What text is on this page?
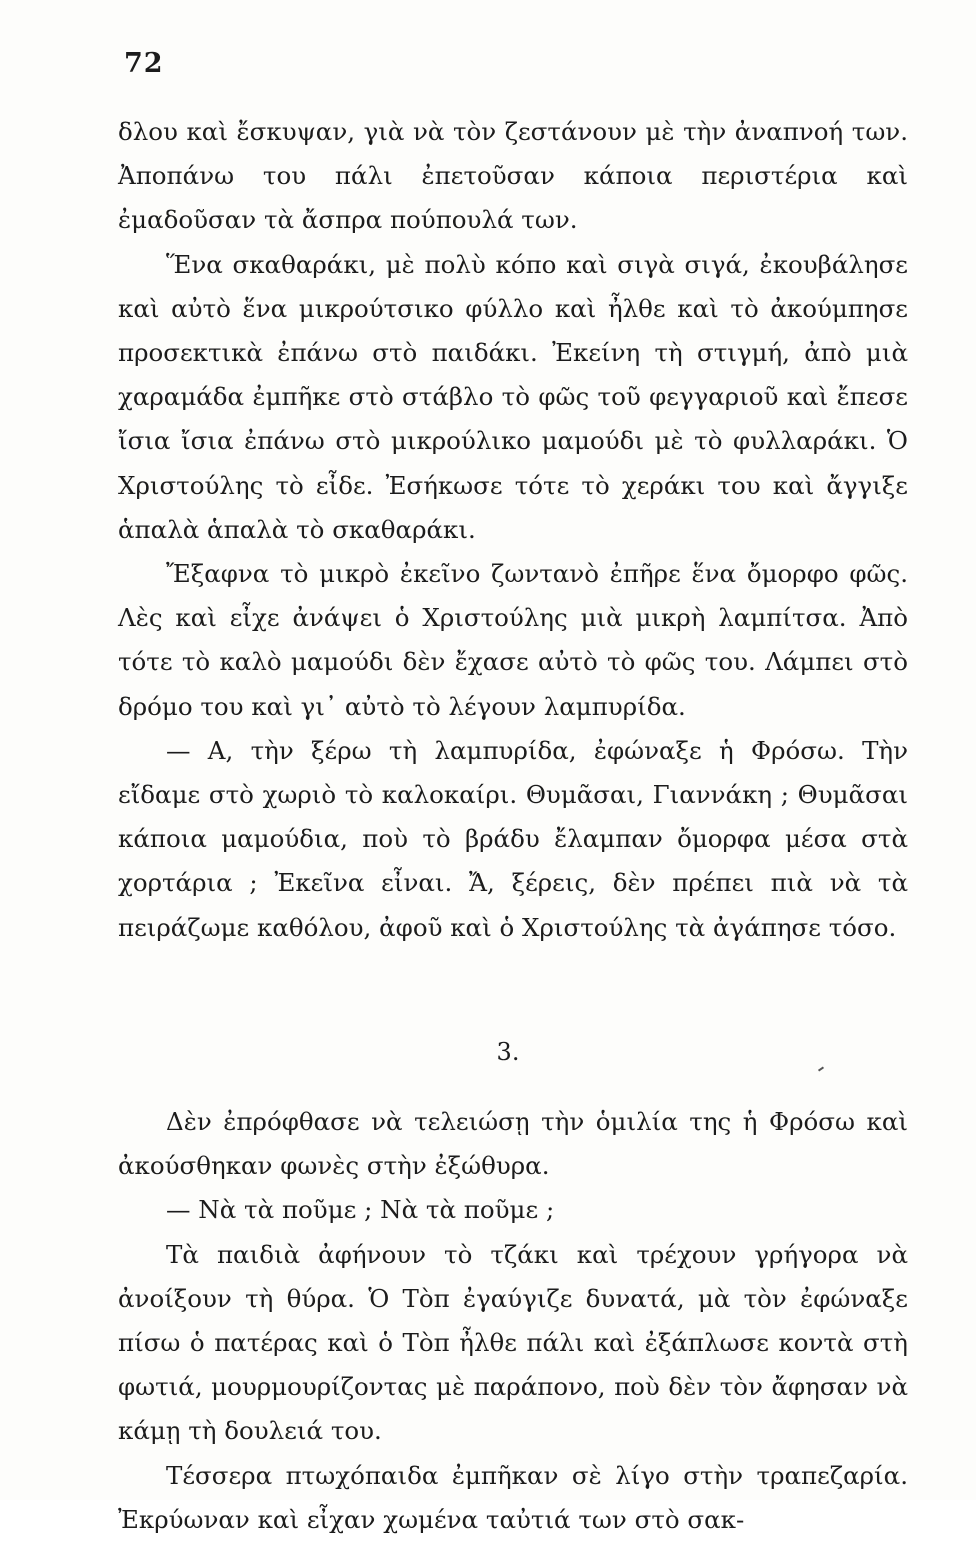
72

δλου καὶ ἔσκυψαν, γιὰ νὰ τὸν ζεστάνουν μὲ τὴν ἀναπνοή των. Ἀποπάνω του πάλι ἐπετοῦσαν κάποια περιστέρια καὶ ἐμαδοῦσαν τὰ ἄσπρα πούπουλά των.

Ἕνα σκαθαράκι, μὲ πολὺ κόπο καὶ σιγὰ σιγά, ἐκουβάλησε καὶ αὐτὸ ἕνα μικρούτσικο φύλλο καὶ ἦλθε καὶ τὸ ἀκούμπησε προσεκτικὰ ἐπάνω στὸ παιδάκι. Ἐκείνη τὴ στιγμή, ἀπὸ μιὰ χαραμάδα ἐμπῆκε στὸ στάβλο τὸ φῶς τοῦ φεγγαριοῦ καὶ ἔπεσε ἴσια ἴσια ἐπάνω στὸ μικρούλικο μαμούδι μὲ τὸ φυλλαράκι. Ὁ Χριστούλης τὸ εἶδε. Ἐσήκωσε τότε τὸ χεράκι του καὶ ἄγγιξε ἁπαλὰ ἁπαλὰ τὸ σκαθαράκι.

Ἔξαφνα τὸ μικρὸ ἐκεῖνο ζωντανὸ ἐπῆρε ἕνα ὄμορφο φῶς. Λὲς καὶ εἶχε ἀνάψει ὁ Χριστούλης μιὰ μικρὴ λαμπίτσα. Ἀπὸ τότε τὸ καλὸ μαμούδι δὲν ἔχασε αὐτὸ τὸ φῶς του. Λάμπει στὸ δρόμο του καὶ γι᾽ αὐτὸ τὸ λέγουν λαμπυρίδα.

— Α, τὴν ξέρω τὴ λαμπυρίδα, ἐφώναξε ἡ Φρόσω. Τὴν εἴδαμε στὸ χωριὸ τὸ καλοκαίρι. Θυμᾶσαι, Γιαννάκη ; Θυμᾶσαι κάποια μαμούδια, ποὺ τὸ βράδυ ἔλαμπαν ὄμορφα μέσα στὰ χορτάρια ; Ἐκεῖνα εἶναι. Ἄ, ξέρεις, δὲν πρέπει πιὰ νὰ τὰ πειράζωμε καθόλου, ἀφοῦ καὶ ὁ Χριστούλης τὰ ἀγάπησε τόσο.

3.

Δὲν ἐπρόφθασε νὰ τελειώσῃ τὴν ὁμιλία της ἡ Φρόσω καὶ ἀκούσθηκαν φωνὲς στὴν ἐξώθυρα.

— Νὰ τὰ ποῦμε ; Νὰ τὰ ποῦμε ;

Τὰ παιδιὰ ἀφήνουν τὸ τζάκι καὶ τρέχουν γρήγορα νὰ ἀνοίξουν τὴ θύρα. Ὁ Τὸπ ἐγαύγιζε δυνατά, μὰ τὸν ἐφώναξε πίσω ὁ πατέρας καὶ ὁ Τὸπ ἦλθε πάλι καὶ ἐξάπλωσε κοντὰ στὴ φωτιά, μουρμουρίζοντας μὲ παράπονο, ποὺ δὲν τὸν ἄφησαν νὰ κάμῃ τὴ δουλειά του.

Τέσσερα πτωχόπαιδα ἐμπῆκαν σὲ λίγο στὴν τραπεζαρία. Ἐκρύωναν καὶ εἶχαν χωμένα ταὐτιά των στὸ σακ-
